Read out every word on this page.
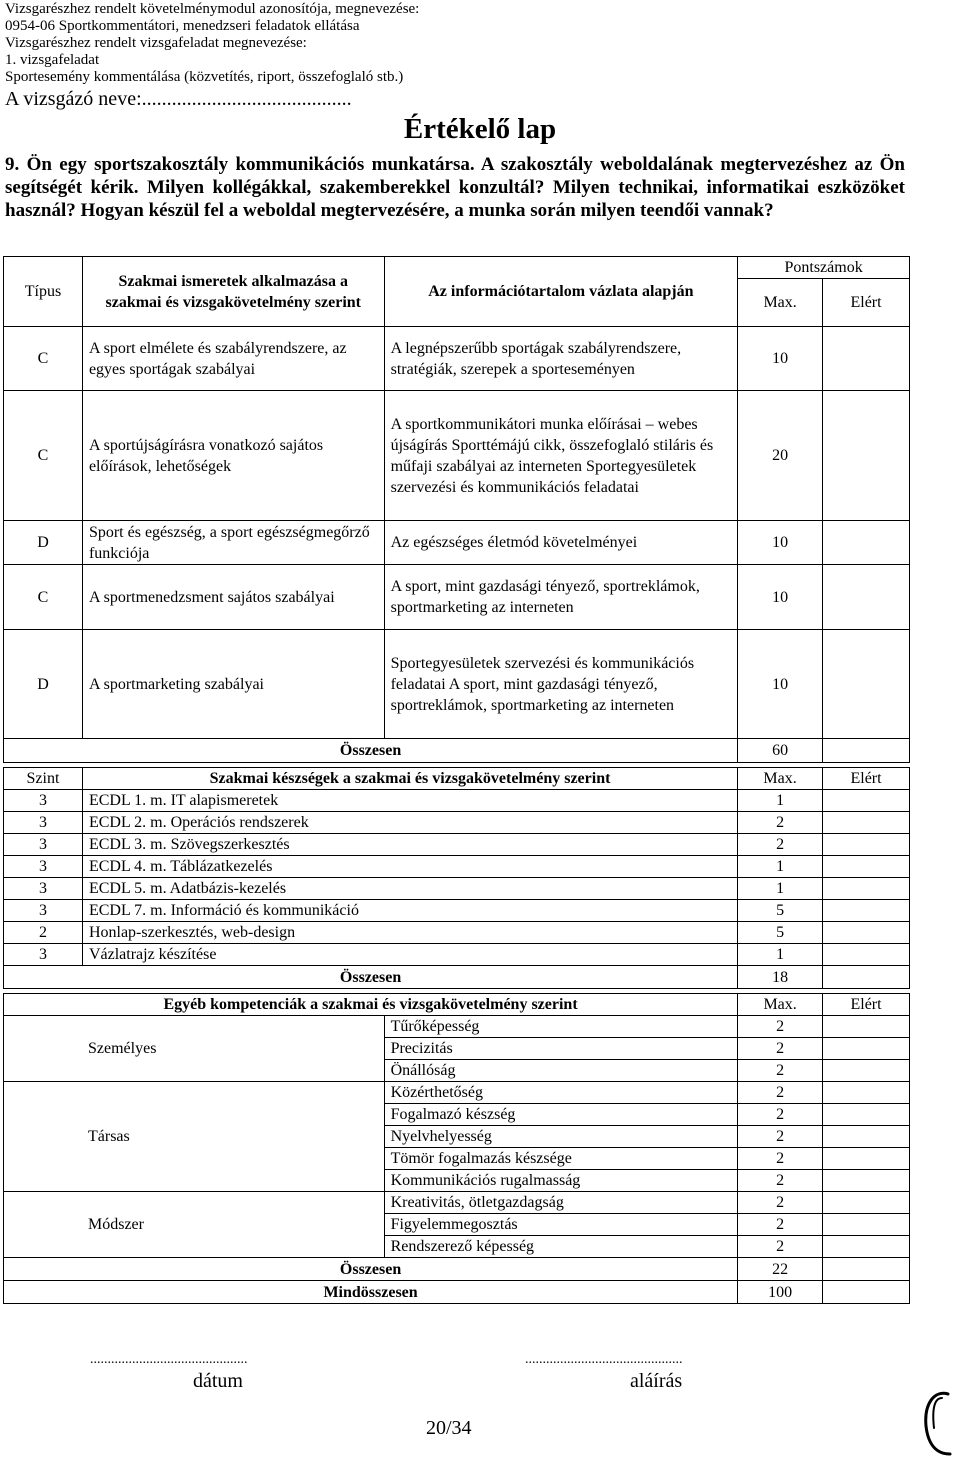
Vizsgarészhez rendelt követelménymodul azonosítója, megnevezése:
0954-06 Sportkommentátori, menedzseri feladatok ellátása
Vizsgarészhez rendelt vizsgafeladat megnevezése:
1. vizsgafeladat
Sportesemény kommentálása (közvetítés, riport, összefoglaló stb.)
A vizsgázó neve:..........................................
Értékelő lap
9. Ön egy sportszakosztály kommunikációs munkatársa. A szakosztály weboldalának megtervezéshez az Ön segítségét kérik. Milyen kollégákkal, szakemberekkel konzultál? Milyen technikai, informatikai eszközöket használ? Hogyan készül fel a weboldal megtervezésére, a munka során milyen teendői vannak?
Típus	Szakmai ismeretek alkalmazása a szakmai és vizsgakövetelmény szerint	Az információtartalom vázlata alapján	Pontszámok	
			Max.	Elért
C	A sport elmélete és szabályrendszere, az egyes sportágak szabályai	A legnépszerűbb sportágak szabályrendszere, stratégiák, szerepek a sporteseményen	10	
C	A sportújságírásra vonatkozó sajátos előírások, lehetőségek	A sportkommunikátori munka előírásai – webes újságírás Sporttémájú cikk, összefoglaló stiláris és műfaji szabályai az interneten Sportegyesületek szervezési és kommunikációs feladatai	20	
D	Sport és egészség, a sport egészségmegőrző funkciója	Az egészséges életmód követelményei	10	
C	A sportmenedzsment sajátos szabályai	A sport, mint gazdasági tényező, sportreklámok, sportmarketing az interneten	10	
D	A sportmarketing szabályai	Sportegyesületek szervezési és kommunikációs feladatai A sport, mint gazdasági tényező, sportreklámok, sportmarketing az interneten	10	
Összesen			60	
Szint	Szakmai készségek a szakmai és vizsgakövetelmény szerint	Max.	Elért
3	ECDL 1. m. IT alapismeretek	1	
3	ECDL 2. m. Operációs rendszerek	2	
3	ECDL 3. m. Szövegszerkesztés	2	
3	ECDL 4. m. Táblázatkezelés	1	
3	ECDL 5. m. Adatbázis-kezelés	1	
3	ECDL 7. m. Információ és kommunikáció	5	
2	Honlap-szerkesztés, web-design	5	
3	Vázlatrajz készítése	1	
Összesen		18	
Egyéb kompetenciák a szakmai és vizsgakövetelmény szerint		Max.	Elért
Személyes	Tűrőképesség	2	
	Precizitás	2	
	Önállóság	2	
Társas	Közérthetőség	2	
	Fogalmazó készség	2	
	Nyelvhelyesség	2	
	Tömör fogalmazás készsége	2	
	Kommunikációs rugalmasság	2	
Módszer	Kreativitás, ötletgazdagság	2	
	Figyelemmegosztás	2	
	Rendszerező képesség	2	
Összesen		22	
Mindösszesen		100	
.............................................	.............................................
dátum	aláírás
20/34
